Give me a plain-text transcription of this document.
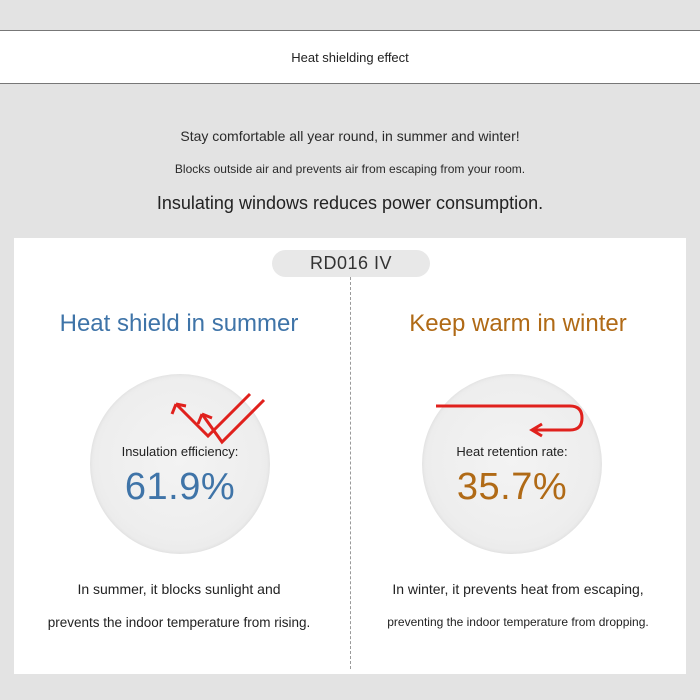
Heat shielding effect
Stay comfortable all year round, in summer and winter!
Blocks outside air and prevents air from escaping from your room.
Insulating windows reduces power consumption.
RD016 IV
Heat shield in summer
Insulation efficiency:
61.9%
In summer, it blocks sunlight and
prevents the indoor temperature from rising.
Keep warm in winter
Heat retention rate:
35.7%
In winter, it prevents heat from escaping,
preventing the indoor temperature from dropping.
